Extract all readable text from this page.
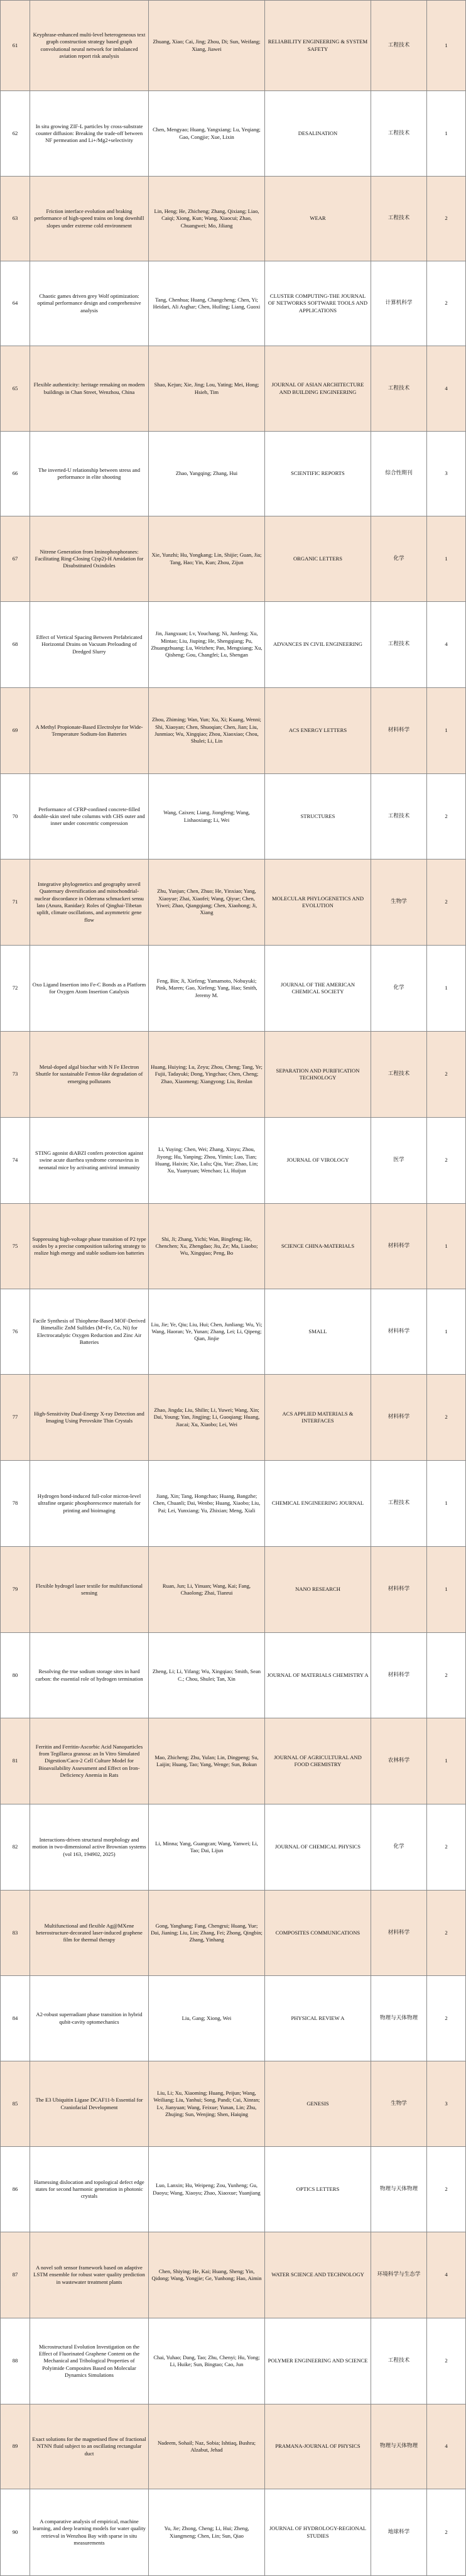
61	Keyphrase-enhanced multi-level heterogeneous text graph construction strategy based graph convolutional neural network for imbalanced aviation report risk analysis	Zhuang, Xiao; Cai, Jing; Zhou, Di; Sun, Weifang; Xiang, Jiawei	RELIABILITY ENGINEERING & SYSTEM SAFETY	工程技术	1
62	In situ growing ZIF-L particles by cross-substrate counter diffusion: Breaking the trade-off between NF permeation and Li+/Mg2+selectivity	Chen, Mengyao; Huang, Yangxiang; Lu, Yeqiang; Gao, Congjie; Xue, Lixin	DESALINATION	工程技术	1
63	Friction interface evolution and braking performance of high-speed trains on long downhill slopes under extreme cold environment	Lin, Heng; He, Zhicheng; Zhang, Qixiang; Liao, Caiqi; Xiong, Kun; Wang, Xiaocui; Zhao, Chuangwei; Mo, Jiliang	WEAR	工程技术	2
64	Chaotic games driven grey Wolf optimization: optimal performance design and comprehensive analysis	Tang, Chenhua; Huang, Changcheng; Chen, Yi; Heidari, Ali Asghar; Chen, Huiling; Liang, Guoxi	CLUSTER COMPUTING-THE JOURNAL OF NETWORKS SOFTWARE TOOLS AND APPLICATIONS	计算机科学	2
65	Flexible authenticity: heritage remaking on modern buildings in Chan Street, Wenzhou, China	Shao, Kejun; Xie, Jing; Lou, Yating; Mei, Hong; Hsieh, Tim	JOURNAL OF ASIAN ARCHITECTURE AND BUILDING ENGINEERING	工程技术	4
66	The inverted-U relationship between stress and performance in elite shooting	Zhao, Yangqing; Zhang, Hui	SCIENTIFIC REPORTS	综合性期刊	3
67	Nitrene Generation from Iminophosphoranes: Facilitating Ring-Closing C(sp2)-H Amidation for Disubstituted Oxindoles	Xie, Yunzhi; Hu, Yongkang; Lin, Shijie; Guan, Jia; Tang, Hao; Yin, Kun; Zhou, Zijun	ORGANIC LETTERS	化学	1
68	Effect of Vertical Spacing Between Prefabricated Horizontal Drains on Vacuum Preloading of Dredged Slurry	Jin, Jiangxuan; Lv, Youchang; Ni, Junfeng; Xu, Mintao; Liu, Jiuping; He, Shengqiang; Pu, Zhuangzhuang; Lu, Weizhen; Pan, Mengxiang; Xu, Qisheng; Gou, Changfei; Lu, Shengan	ADVANCES IN CIVIL ENGINEERING	工程技术	4
69	A Methyl Propionate-Based Electrolyte for Wide-Temperature Sodium-Ion Batteries	Zhou, Zhiming; Wan, Yun; Xu, Xi; Kuang, Wenni; Shi, Xiaoyan; Chen, Shuoqian; Chen, Jian; Liu, Junmiao; Wu, Xingqiao; Zhou, Xiaoxiao; Chou, Shulei; Li, Lin	ACS ENERGY LETTERS	材料科学	1
70	Performance of CFRP-confined concrete-filled double-skin steel tube columns with CHS outer and inner under concentric compression	Wang, Caixen; Liang, Jiongfeng; Wang, Lishaoxiang; Li, Wei	STRUCTURES	工程技术	2
71	Integrative phylogenetics and geography unveil Quaternary diversification and mitochondrial-nuclear discordance in Oderrana schmackeri sensu lato (Anura, Ranidae): Roles of Qinghai-Tibetan uplift, climate oscillations, and asymmetric gene flow	Zhu, Yunjun; Chen, Zhuo; He, Yinxiao; Yang, Xiaoyue; Zhai, Xiaofei; Wang, Qiyue; Chen, Yiwei; Zhao, Qiangqiang; Chen, Xiaohong; Ji, Xiang	MOLECULAR PHYLOGENETICS AND EVOLUTION	生物学	2
72	Oxo Ligand Insertion into Fe-C Bonds as a Platform for Oxygen Atom Insertion Catalysis	Feng, Bin; Ji, Xiefeng; Yamamoto, Nobuyuki; Pink, Maren; Gao, Xiefeng; Yang, Hao; Smith, Jeremy M.	JOURNAL OF THE AMERICAN CHEMICAL SOCIETY	化学	1
73	Metal-doped algal biochar with N Fe Electron Shuttle for sustainable Fenton-like degradation of emerging pollutants	Huang, Huiying; Lu, Zeyu; Zhou, Cheng; Tang, Ye; Fujii, Tadayuki; Dong, Yingchao; Chen, Cheng; Zhao, Xiaomeng; Xiangyong; Liu, Renlan	SEPARATION AND PURIFICATION TECHNOLOGY	工程技术	2
74	STING agonist diABZI confers protection against swine acute diarrhea syndrome coronavirus in neonatal mice by activating antiviral immunity	Li, Yuying; Chen, Wei; Zhang, Xinyu; Zhou, Jiyong; Hu, Yanping; Zhou, Yimin; Luo, Tian; Huang, Haixin; Xie, Lulu; Qiu, Yue; Zhao, Lin; Xu, Yuanyuan; Wenchao; Li, Huijun	JOURNAL OF VIROLOGY	医学	2
75	Suppressing high-voltage phase transition of P2 type oxides by a precise composition tailoring strategy to realize high energy and stable sodium-ion batteries	Shi, Ji; Zhang, Yichi; Wan, Bingfeng; He, Chenchen; Xu, Zhengdao; Jiu, Ze; Ma, Liaobo; Wu, Xingqiao; Peng, Bo	SCIENCE CHINA-MATERIALS	材料科学	1
76	Facile Synthesis of Thiophene-Based MOF-Derived Bimetallic ZnM Sulfides (M=Fe, Co, Ni) for Electrocatalytic Oxygen Reduction and Zinc Air Batteries	Liu, Jie; Ye, Qiu; Liu, Hui; Chen, Junliang; Wu, Yi; Wang, Haoran; Ye, Yunan; Zhang, Lei; Li, Qipeng; Qian, Jinjie	SMALL	材料科学	1
77	High-Sensitivity Dual-Energy X-ray Detection and Imaging Using Perovskite Thin Crystals	Zhao, Jingda; Liu, Shilin; Li, Yuwei; Wang, Xin; Dai, Young; Yan, Jingjing; Li, Guoqiang; Huang, Jiacai; Xu, Xiaobo; Lei, Wei	ACS APPLIED MATERIALS & INTERFACES	材料科学	2
78	Hydrogen bond-induced full-color micron-level ultrafine organic phosphorescence materials for printing and bioimaging	Jiang, Xin; Tang, Hongchao; Huang, Bangzhe; Chen, Chuanli; Dai, Wenbo; Huang, Xiaobo; Liu, Pai; Lei, Yunxiang; Yu, Zhixian; Meng, Xiali	CHEMICAL ENGINEERING JOURNAL	工程技术	1
79	Flexible hydrogel laser textile for multifunctional sensing	Ruan, Jun; Li, Yinuan; Wang, Kai; Fang, Chaolong; Zhai, Tianrui	NANO RESEARCH	材料科学	1
80	Resolving the true sodium storage sites in hard carbon: the essential role of hydrogen termination	Zheng, Li; Li, Yifang; Wu, Xingqiao; Smith, Sean C.; Chou, Shulei; Tan, Xin	JOURNAL OF MATERIALS CHEMISTRY A	材料科学	2
81	Ferritin and Ferritin-Ascorbic Acid Nanoparticles from Tegillarca granosa: an In Vitro Simulated Digestion/Caco-2 Cell Culture Model for Bioavailability Assessment and Effect on Iron-Deficiency Anemia in Rats	Mao, Zhicheng; Zhu, Yulan; Lin, Dingpeng; Su, Laijin; Huang, Tao; Yang, Wenge; Sun, Bokun	JOURNAL OF AGRICULTURAL AND FOOD CHEMISTRY	农林科学	1
82	Interactions-driven structural morphology and motion in two-dimensional active Brownian systems (vol 163, 194902, 2025)	Li, Minna; Yang, Guangcan; Wang, Yanwei; Li, Tao; Dai, Lijun	JOURNAL OF CHEMICAL PHYSICS	化学	2
83	Multifunctional and flexible Ag@MXene heterostructure-decorated laser-induced graphene film for thermal therapy	Gong, Yanghang; Fang, Chengrui; Huang, Yue; Dai, Jianing; Liu, Lin; Zhang, Fei; Zhong, Qingbin; Zhang, Yinhang	COMPOSITES COMMUNICATIONS	材料科学	2
84	A2-robust superradiant phase transition in hybrid qubit-cavity optomechanics	Liu, Gang; Xiong, Wei	PHYSICAL REVIEW A	物理与天体物理	2
85	The E3 Ubiquitin Ligase DCAF11-b Essential for Craniofacial Development	Liu, Li; Xu, Xiaoming; Huang, Peijun; Wang, Weiliang; Liu, Yanhui; Song, Pandi; Cui, Xinran; Lv, Jianyuan; Wang, Feixue; Yunan, Lin; Zhu, Zhujing; Sun, Wenjing; Shen, Haiqing	GENESIS	生物学	3
86	Harnessing dislocation and topological defect edge states for second harmonic generation in photonic crystals	Luo, Lanxin; Hu, Weipeng; Zou, Yunheng; Gu, Daoyu; Wang, Xiaoyu; Zhao, Xiaoxue; Yuanjiang	OPTICS LETTERS	物理与天体物理	2
87	A novel soft sensor framework based on adaptive LSTM ensemble for robust water quality prediction in wastewater treatment plants	Chen, Shiying; He, Kai; Huang, Sheng; Yin, Qidong; Wang, Yongjie; Ge, Yunhong; Hao, Aimin	WATER SCIENCE AND TECHNOLOGY	环境科学与生态学	4
88	Microstructural Evolution Investigation on the Effect of Fluorinated Graphene Content on the Mechanical and Tribological Properties of Polyimide Composites Based on Molecular Dynamics Simulations	Chai, Yuhao; Dang, Tao; Zhu, Chenyi; Hu, Yong; Li, Huike; Sun, Bingtao; Cao, Jun	POLYMER ENGINEERING AND SCIENCE	工程技术	2
89	Exact solutions for the magnetised flow of fractional NTNN fluid subject to an oscillating rectangular duct	Nadeem, Sohail; Naz, Sobia; Ishtiaq, Bushra; Alzabut, Jehad	PRAMANA-JOURNAL OF PHYSICS	物理与天体物理	4
90	A comparative analysis of empirical, machine learning, and deep learning models for water quality retrieval in Wenzhou Bay with sparse in situ measurements	Yu, Jie; Zhong, Cheng; Li, Hui; Zheng, Xiangmeng; Chen, Lin; Sun, Qiao	JOURNAL OF HYDROLOGY-REGIONAL STUDIES	地球科学	2
